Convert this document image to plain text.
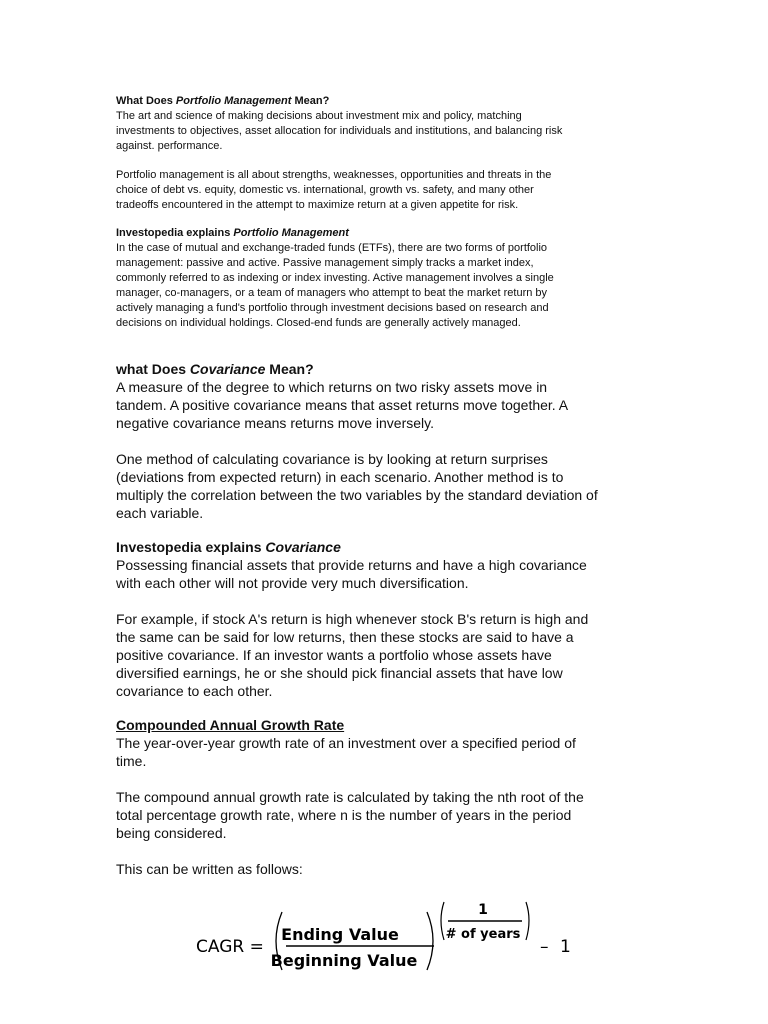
What Does Portfolio Management Mean?
The art and science of making decisions about investment mix and policy, matching
investments to objectives, asset allocation for individuals and institutions, and balancing risk
against. performance.
Portfolio management is all about strengths, weaknesses, opportunities and threats in the
choice of debt vs. equity, domestic vs. international, growth vs. safety, and many other
tradeoffs encountered in the attempt to maximize return at a given appetite for risk.
Investopedia explains Portfolio Management
In the case of mutual and exchange-traded funds (ETFs), there are two forms of portfolio
management: passive and active. Passive management simply tracks a market index,
commonly referred to as indexing or index investing. Active management involves a single
manager, co-managers, or a team of managers who attempt to beat the market return by
actively managing a fund's portfolio through investment decisions based on research and
decisions on individual holdings. Closed-end funds are generally actively managed.
what Does Covariance Mean?
A measure of the degree to which returns on two risky assets move in
tandem. A positive covariance means that asset returns move together. A
negative covariance means returns move inversely.
One method of calculating covariance is by looking at return surprises
(deviations from expected return) in each scenario. Another method is to
multiply the correlation between the two variables by the standard deviation of
each variable.
Investopedia explains Covariance
Possessing financial assets that provide returns and have a high covariance
with each other will not provide very much diversification.
For example, if stock A's return is high whenever stock B's return is high and
the same can be said for low returns, then these stocks are said to have a
positive covariance. If an investor wants a portfolio whose assets have
diversified earnings, he or she should pick financial assets that have low
covariance to each other.
Compounded Annual Growth Rate
The year-over-year growth rate of an investment over a specified period of
time.
The compound annual growth rate is calculated by taking the nth root of the
total percentage growth rate, where n is the number of years in the period
being considered.
This can be written as follows:
CAGR =
Ending Value
Beginning Value
1
# of years
– 1
